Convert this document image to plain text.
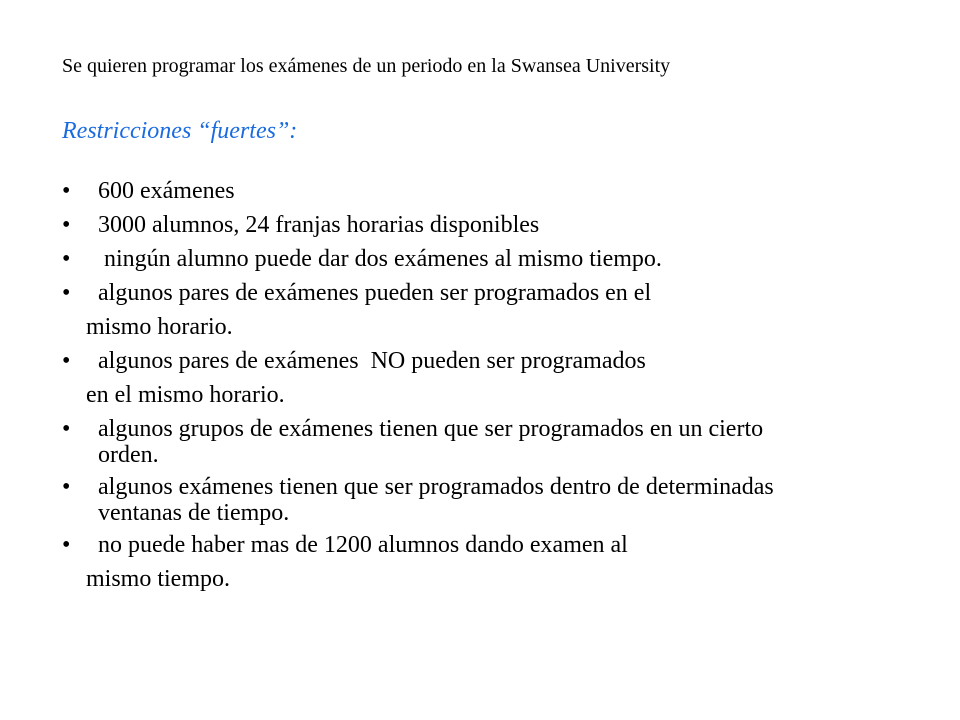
Se quieren programar los exámenes de un periodo en la Swansea University
Restricciones “fuertes”:
•	600 exámenes
•	3000 alumnos, 24 franjas horarias disponibles
•	ningún alumno puede dar dos exámenes al mismo tiempo.
•	algunos pares de exámenes pueden ser programados en el
mismo horario.
•	algunos pares de exámenes  NO pueden ser programados
en el mismo horario.
•	algunos grupos de exámenes tienen que ser programados en un cierto
orden.
•	algunos exámenes tienen que ser programados dentro de determinadas
ventanas de tiempo.
•	no puede haber mas de 1200 alumnos dando examen al
mismo tiempo.
